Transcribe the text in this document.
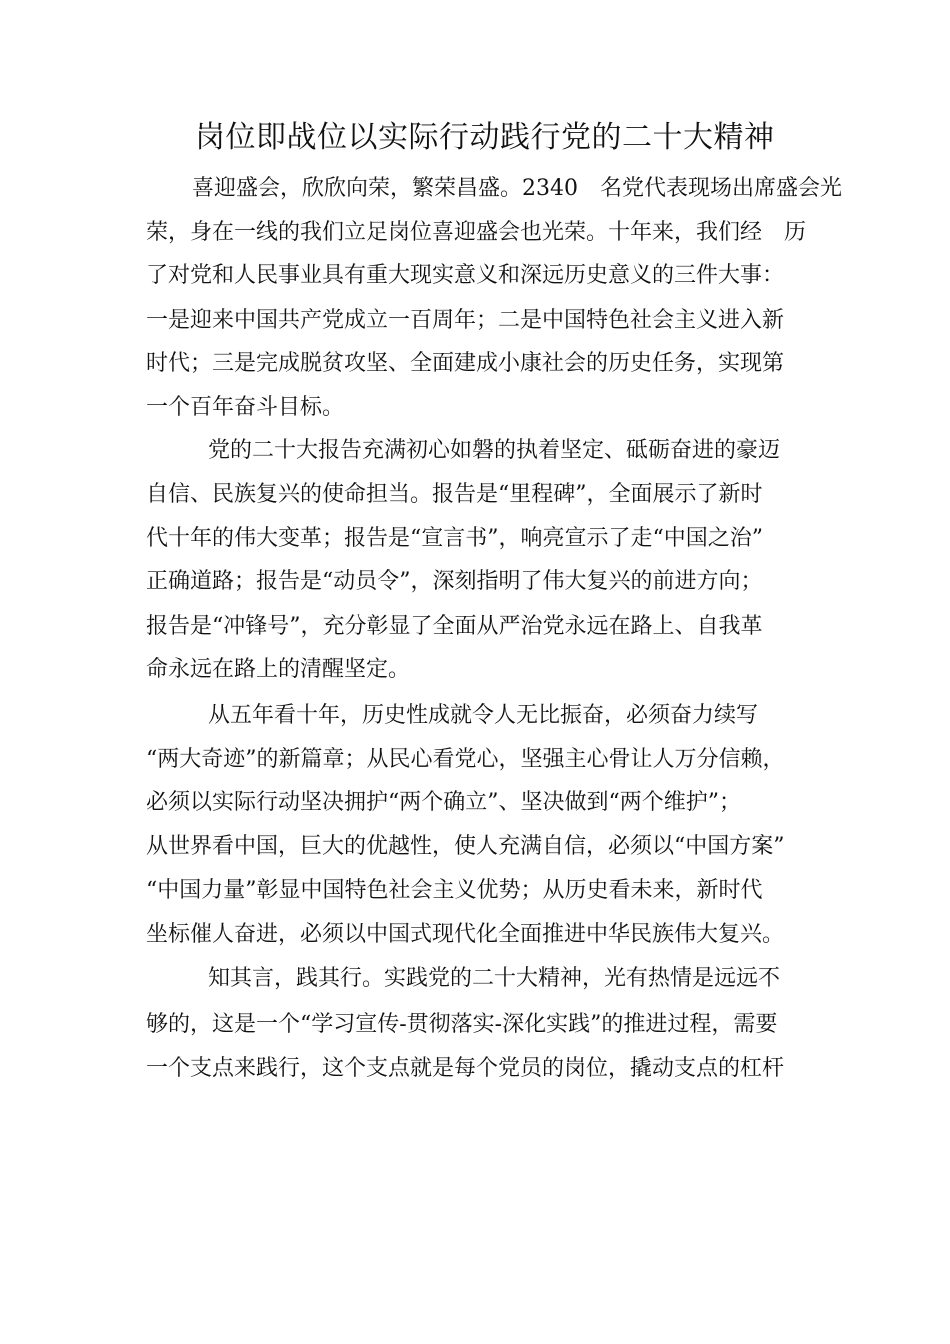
岗位即战位以实际行动践行党的二十大精神
喜迎盛会，欣欣向荣，繁荣昌盛。2340　名党代表现场出席盛会光
荣，身在一线的我们立足岗位喜迎盛会也光荣。十年来，我们经　历
了对党和人民事业具有重大现实意义和深远历史意义的三件大事：
一是迎来中国共产党成立一百周年；二是中国特色社会主义进入新
时代；三是完成脱贫攻坚、全面建成小康社会的历史任务，实现第
一个百年奋斗目标。
党的二十大报告充满初心如磐的执着坚定、砥砺奋进的豪迈
自信、民族复兴的使命担当。报告是“里程碑”，全面展示了新时
代十年的伟大变革；报告是“宣言书”，响亮宣示了走“中国之治”
正确道路；报告是“动员令”，深刻指明了伟大复兴的前进方向；
报告是“冲锋号”，充分彰显了全面从严治党永远在路上、自我革
命永远在路上的清醒坚定。
从五年看十年，历史性成就令人无比振奋，必须奋力续写
“两大奇迹”的新篇章；从民心看党心，坚强主心骨让人万分信赖，
必须以实际行动坚决拥护“两个确立”、坚决做到“两个维护”；
从世界看中国，巨大的优越性，使人充满自信，必须以“中国方案”
“中国力量”彰显中国特色社会主义优势；从历史看未来，新时代
坐标催人奋进，必须以中国式现代化全面推进中华民族伟大复兴。
知其言，践其行。实践党的二十大精神，光有热情是远远不
够的，这是一个“学习宣传-贯彻落实-深化实践”的推进过程，需要
一个支点来践行，这个支点就是每个党员的岗位，撬动支点的杠杆
